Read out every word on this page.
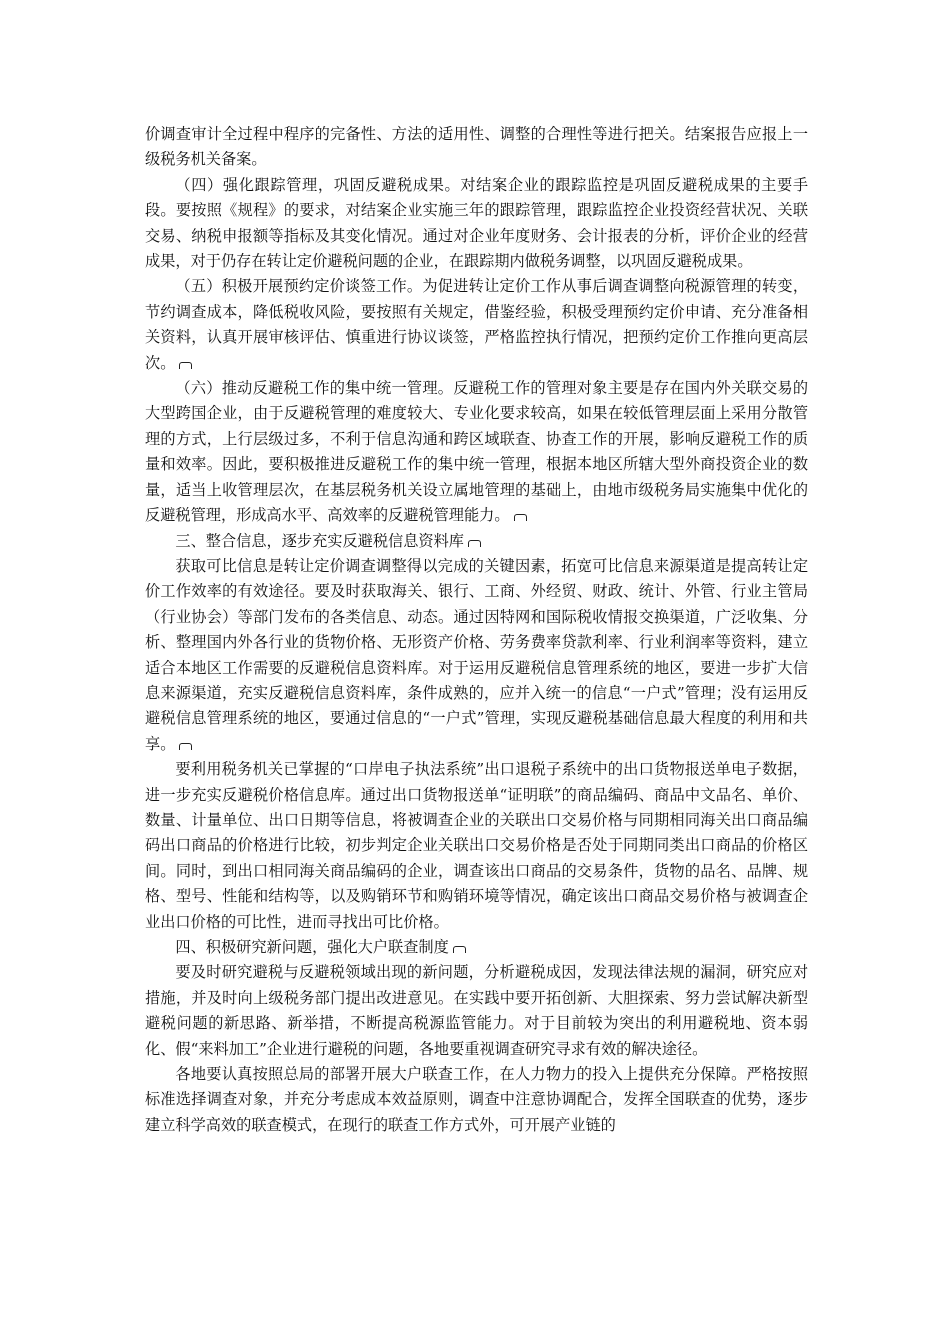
价调查审计全过程中程序的完备性、方法的适用性、调整的合理性等进行把关。结案报告应报上一级税务机关备案。

（四）强化跟踪管理，巩固反避税成果。对结案企业的跟踪监控是巩固反避税成果的主要手段。要按照《规程》的要求，对结案企业实施三年的跟踪管理，跟踪监控企业投资经营状况、关联交易、纳税申报额等指标及其变化情况。通过对企业年度财务、会计报表的分析，评价企业的经营成果，对于仍存在转让定价避税问题的企业，在跟踪期内做税务调整，以巩固反避税成果。

（五）积极开展预约定价谈签工作。为促进转让定价工作从事后调查调整向税源管理的转变，节约调查成本，降低税收风险，要按照有关规定，借鉴经验，积极受理预约定价申请、充分准备相关资料，认真开展审核评估、慎重进行协议谈签，严格监控执行情况，把预约定价工作推向更高层次。

（六）推动反避税工作的集中统一管理。反避税工作的管理对象主要是存在国内外关联交易的大型跨国企业，由于反避税管理的难度较大、专业化要求较高，如果在较低管理层面上采用分散管理的方式，上行层级过多，不利于信息沟通和跨区域联查、协查工作的开展，影响反避税工作的质量和效率。因此，要积极推进反避税工作的集中统一管理，根据本地区所辖大型外商投资企业的数量，适当上收管理层次，在基层税务机关设立属地管理的基础上，由地市级税务局实施集中优化的反避税管理，形成高水平、高效率的反避税管理能力。

三、整合信息，逐步充实反避税信息资料库

获取可比信息是转让定价调查调整得以完成的关键因素，拓宽可比信息来源渠道是提高转让定价工作效率的有效途径。要及时获取海关、银行、工商、外经贸、财政、统计、外管、行业主管局（行业协会）等部门发布的各类信息、动态。通过因特网和国际税收情报交换渠道，广泛收集、分析、整理国内外各行业的货物价格、无形资产价格、劳务费率贷款利率、行业利润率等资料，建立适合本地区工作需要的反避税信息资料库。对于运用反避税信息管理系统的地区，要进一步扩大信息来源渠道，充实反避税信息资料库，条件成熟的，应并入统一的信息“一户式”管理；没有运用反避税信息管理系统的地区，要通过信息的“一户式”管理，实现反避税基础信息最大程度的利用和共享。

要利用税务机关已掌握的“口岸电子执法系统”出口退税子系统中的出口货物报送单电子数据，进一步充实反避税价格信息库。通过出口货物报送单“证明联”的商品编码、商品中文品名、单价、数量、计量单位、出口日期等信息，将被调查企业的关联出口交易价格与同期相同海关出口商品编码出口商品的价格进行比较，初步判定企业关联出口交易价格是否处于同期同类出口商品的价格区间。同时，到出口相同海关商品编码的企业，调查该出口商品的交易条件，货物的品名、品牌、规格、型号、性能和结构等，以及购销环节和购销环境等情况，确定该出口商品交易价格与被调查企业出口价格的可比性，进而寻找出可比价格。

四、积极研究新问题，强化大户联查制度

要及时研究避税与反避税领域出现的新问题，分析避税成因，发现法律法规的漏洞，研究应对措施，并及时向上级税务部门提出改进意见。在实践中要开拓创新、大胆探索、努力尝试解决新型避税问题的新思路、新举措，不断提高税源监管能力。对于目前较为突出的利用避税地、资本弱化、假“来料加工”企业进行避税的问题，各地要重视调查研究寻求有效的解决途径。

各地要认真按照总局的部署开展大户联查工作，在人力物力的投入上提供充分保障。严格按照标准选择调查对象，并充分考虑成本效益原则，调查中注意协调配合，发挥全国联查的优势，逐步建立科学高效的联查模式，在现行的联查工作方式外，可开展产业链的
